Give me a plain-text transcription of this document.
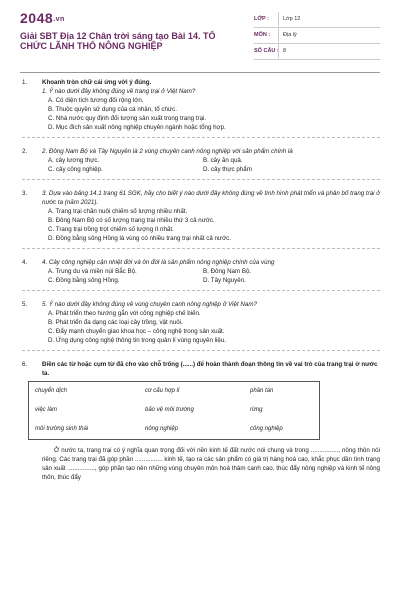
2048.vn
Giải SBT Địa 12 Chân trời sáng tạo Bài 14. TỔ CHỨC LÃNH THỔ NÔNG NGHIỆP
LỚP :	Lớp 12
MÔN : Địa lý
SỐ CÂU : 8
1.	Khoanh tròn chữ cái ứng với ý đúng.
1. Ý nào dưới đây không đúng về trang trại ở Việt Nam?
A. Có diện tích tương đối rộng lớn.
B. Thuộc quyền sử dụng của cá nhân, tổ chức.
C. Nhà nước quy định đối tượng sản xuất trong trang trại.
D. Mục đích sản xuất nông nghiệp chuyên ngành hoặc tổng hợp.
2.	2. Đông Nam Bộ và Tây Nguyên là 2 vùng chuyên canh nông nghiệp với sản phẩm chính là
A. cây lương thực.	B. cây ăn quả.
C. cây công nghiệp.	D. cây thực phẩm
3.	3. Dựa vào bảng 14.1 trang 61 SGK, hãy cho biết ý nào dưới đây không đúng về tình hình phát triển và phân bố trang trại ở nước ta (năm 2021).
A. Trang trại chăn nuôi chiếm số lượng nhiều nhất.
B. Đông Nam Bộ có số lượng trang trại nhiều thứ 3 cả nước.
C. Trang trại trồng trọt chiếm số lượng ít nhất.
D. Đồng bằng sông Hồng là vùng có nhiều trang trại nhất cả nước.
4.	4. Cây công nghiệp cận nhiệt đới và ôn đới là sản phẩm nông nghiệp chính của vùng
A. Trung du và miền núi Bắc Bộ.	B. Đông Nam Bộ.
C. Đồng bằng sông Hồng.	D. Tây Nguyên.
5.	5. Ý nào dưới đây không đúng về vùng chuyên canh nông nghiệp ở Việt Nam?
A. Phát triển theo hướng gắn với công nghiệp chế biến.
B. Phát triển đa dạng các loại cây trồng, vật nuôi.
C. Đẩy mạnh chuyển giao khoa học – công nghệ trong sản xuất.
D. Ứng dụng công nghệ thông tin trong quản lí vùng nguyên liệu.
6.	Điền các từ hoặc cụm từ đã cho vào chỗ trống (......) để hoàn thành đoạn thông tin về vai trò của trang trại ở nước ta.
chuyển dịch	cơ cấu hợp lí	phân tán
việc làm	bảo vệ môi trường	rừng
môi trường sinh thái	nông nghiệp	công nghiệp
Ở nước ta, trang trại có ý nghĩa quan trọng đối với nền kinh tế đất nước nói chung và trong ................, nông thôn nói riêng. Các trang trại đã góp phần ................ kinh tế, tạo ra các sản phẩm có giá trị hàng hoá cao, khắc phục dần tình trạng sản xuất ................, góp phần tạo nên những vùng chuyên môn hoá thâm canh cao, thúc đẩy nông nghiệp và kinh tế nông thôn, thúc đẩy
